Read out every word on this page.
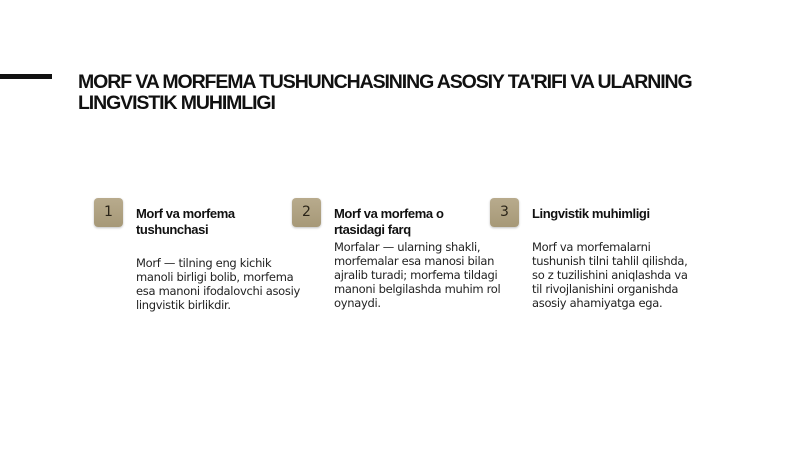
MORF VA MORFEMA TUSHUNCHASINING ASOSIY TA'RIFI VA ULARNING LINGVISTIK MUHIMLIGI
1	Morf va morfema tushunchasi

Morf — tilning eng kichik manoli birligi bolib, morfema esa manoni ifodalovchi asosiy lingvistik birlikdir.

2	Morf va morfema o rtasidagi farq

Morfalar — ularning shakli, morfemalar esa manosi bilan ajralib turadi; morfema tildagi manoni belgilashda muhim rol oynaydi.

3	Lingvistik muhimligi

Morf va morfemalarni tushunish tilni tahlil qilishda, so z tuzilishini aniqlashda va til rivojlanishini organishda asosiy ahamiyatga ega.
